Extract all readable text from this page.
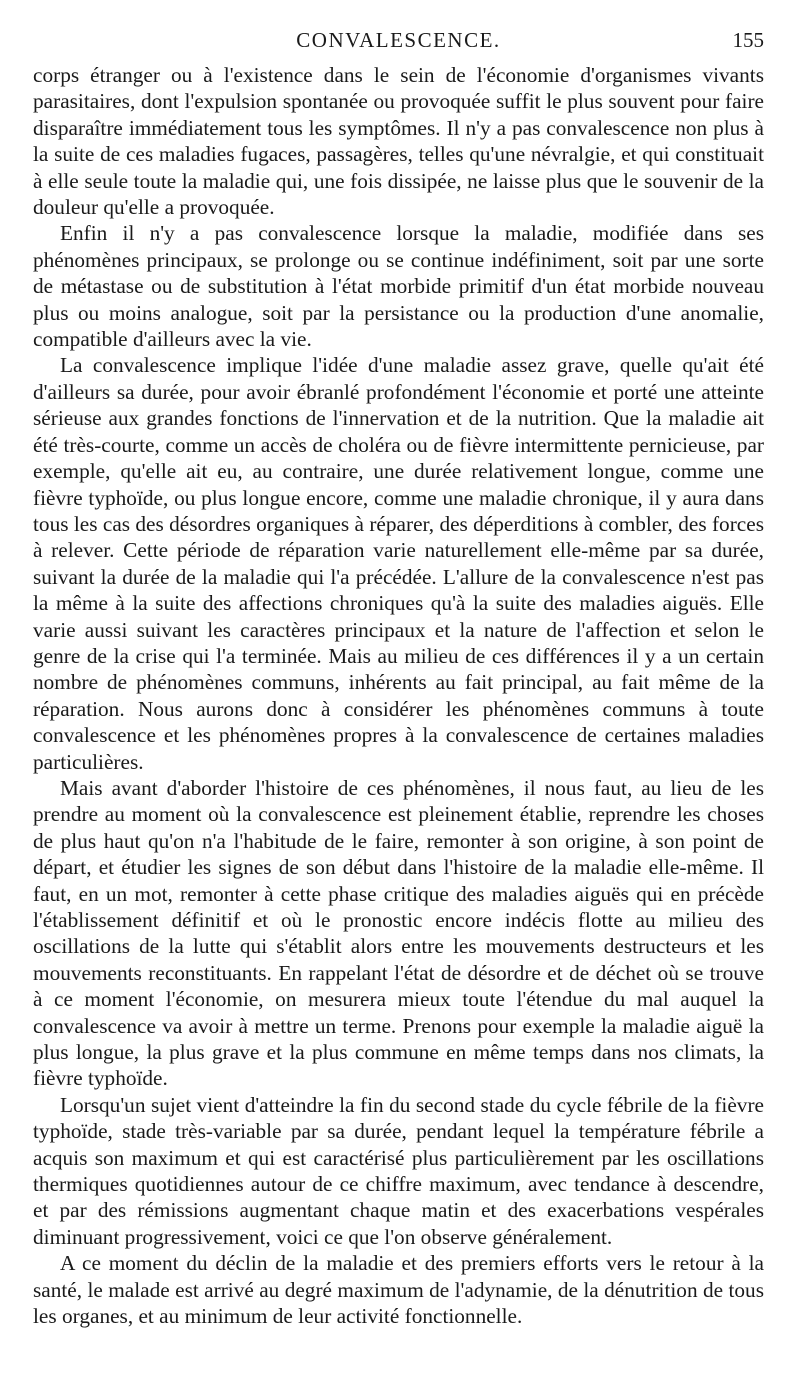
CONVALESCENCE.	155

corps étranger ou à l'existence dans le sein de l'économie d'organismes vivants parasitaires, dont l'expulsion spontanée ou provoquée suffit le plus souvent pour faire disparaître immédiatement tous les symptômes. Il n'y a pas convalescence non plus à la suite de ces maladies fugaces, passagères, telles qu'une névralgie, et qui constituait à elle seule toute la maladie qui, une fois dissipée, ne laisse plus que le souvenir de la douleur qu'elle a provoquée.

Enfin il n'y a pas convalescence lorsque la maladie, modifiée dans ses phénomènes principaux, se prolonge ou se continue indéfiniment, soit par une sorte de métastase ou de substitution à l'état morbide primitif d'un état morbide nouveau plus ou moins analogue, soit par la persistance ou la production d'une anomalie, compatible d'ailleurs avec la vie.

La convalescence implique l'idée d'une maladie assez grave, quelle qu'ait été d'ailleurs sa durée, pour avoir ébranlé profondément l'économie et porté une atteinte sérieuse aux grandes fonctions de l'innervation et de la nutrition. Que la maladie ait été très-courte, comme un accès de choléra ou de fièvre intermittente pernicieuse, par exemple, qu'elle ait eu, au contraire, une durée relativement longue, comme une fièvre typhoïde, ou plus longue encore, comme une maladie chronique, il y aura dans tous les cas des désordres organiques à réparer, des déperditions à combler, des forces à relever. Cette période de réparation varie naturellement elle-même par sa durée, suivant la durée de la maladie qui l'a précédée. L'allure de la convalescence n'est pas la même à la suite des affections chroniques qu'à la suite des maladies aiguës. Elle varie aussi suivant les caractères principaux et la nature de l'affection et selon le genre de la crise qui l'a terminée. Mais au milieu de ces différences il y a un certain nombre de phénomènes communs, inhérents au fait principal, au fait même de la réparation. Nous aurons donc à considérer les phénomènes communs à toute convalescence et les phénomènes propres à la convalescence de certaines maladies particulières.

Mais avant d'aborder l'histoire de ces phénomènes, il nous faut, au lieu de les prendre au moment où la convalescence est pleinement établie, reprendre les choses de plus haut qu'on n'a l'habitude de le faire, remonter à son origine, à son point de départ, et étudier les signes de son début dans l'histoire de la maladie elle-même. Il faut, en un mot, remonter à cette phase critique des maladies aiguës qui en précède l'établissement définitif et où le pronostic encore indécis flotte au milieu des oscillations de la lutte qui s'établit alors entre les mouvements destructeurs et les mouvements reconstituants. En rappelant l'état de désordre et de déchet où se trouve à ce moment l'économie, on mesurera mieux toute l'étendue du mal auquel la convalescence va avoir à mettre un terme. Prenons pour exemple la maladie aiguë la plus longue, la plus grave et la plus commune en même temps dans nos climats, la fièvre typhoïde.

Lorsqu'un sujet vient d'atteindre la fin du second stade du cycle fébrile de la fièvre typhoïde, stade très-variable par sa durée, pendant lequel la température fébrile a acquis son maximum et qui est caractérisé plus particulièrement par les oscillations thermiques quotidiennes autour de ce chiffre maximum, avec tendance à descendre, et par des rémissions augmentant chaque matin et des exacerbations vespérales diminuant progressivement, voici ce que l'on observe généralement.

A ce moment du déclin de la maladie et des premiers efforts vers le retour à la santé, le malade est arrivé au degré maximum de l'adynamie, de la dénutrition de tous les organes, et au minimum de leur activité fonctionnelle.
